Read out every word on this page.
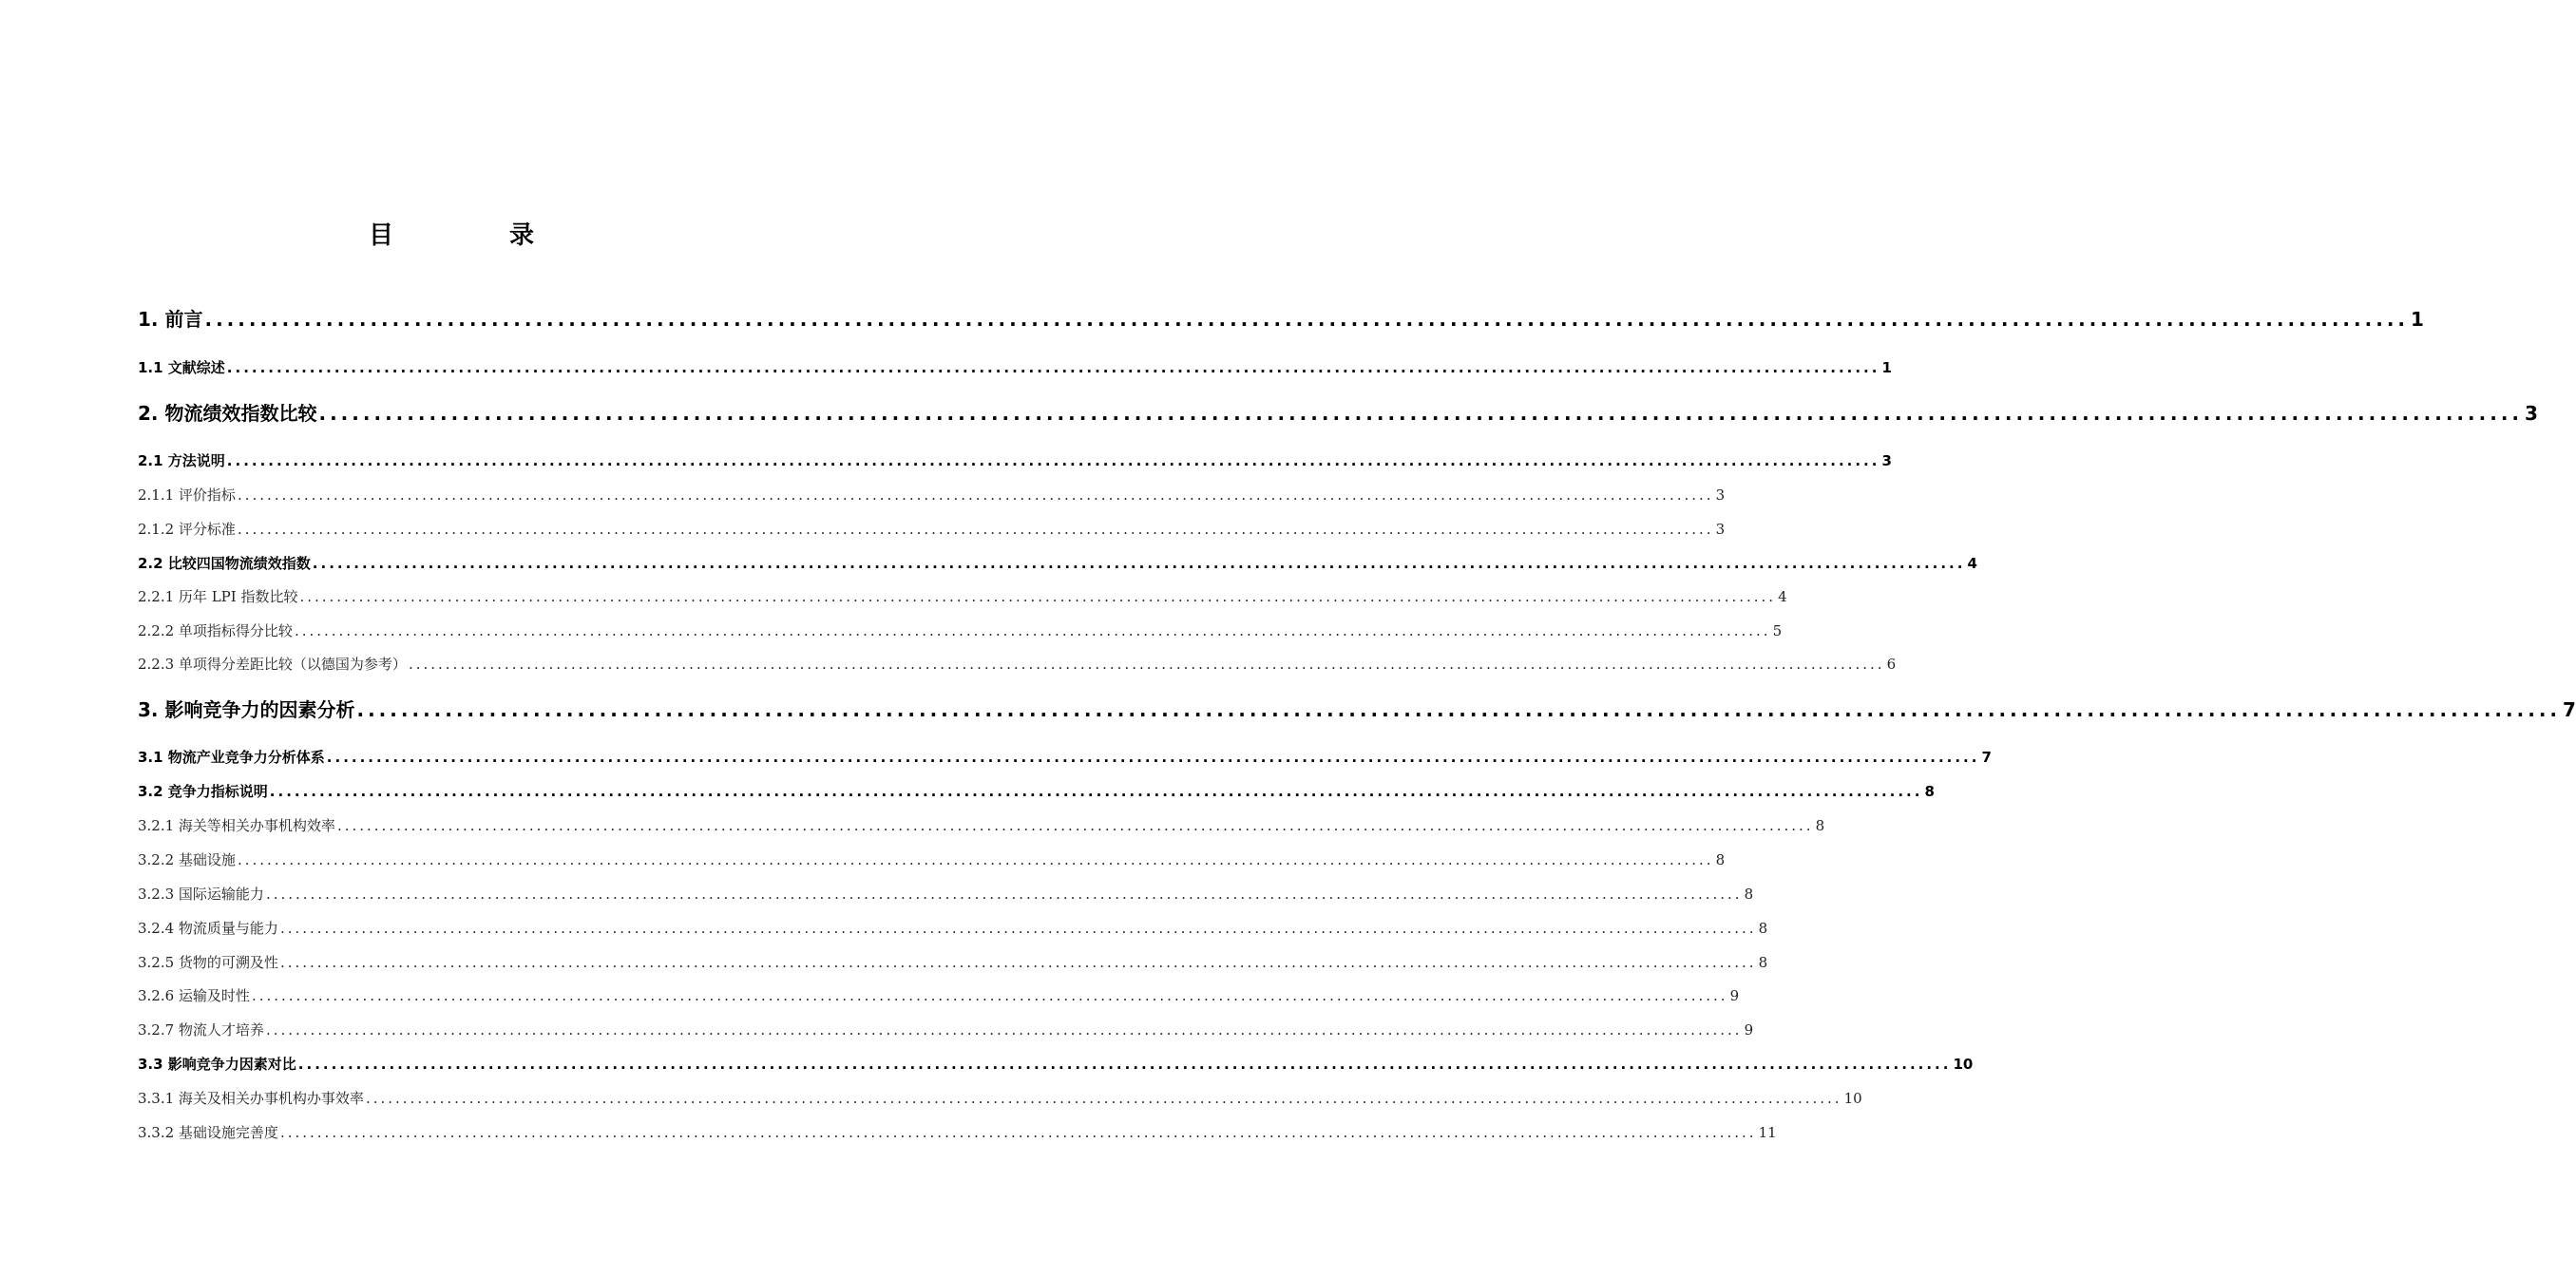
目　录
1. 前言 ........................................................................................................................................................................................................ 1
1.1 文献综述 ........................................................................................................................................................................................................ 1
2. 物流绩效指数比较 ........................................................................................................................................................................................................ 3
2.1 方法说明 ........................................................................................................................................................................................................ 3
2.1.1 评价指标 ........................................................................................................................................................................................................ 3
2.1.2 评分标准 ........................................................................................................................................................................................................ 3
2.2 比较四国物流绩效指数 ........................................................................................................................................................................................................ 4
2.2.1 历年 LPI 指数比较 ........................................................................................................................................................................................................ 4
2.2.2 单项指标得分比较 ........................................................................................................................................................................................................ 5
2.2.3 单项得分差距比较（以德国为参考） ........................................................................................................................................................................................................ 6
3. 影响竞争力的因素分析 ........................................................................................................................................................................................................ 7
3.1 物流产业竞争力分析体系 ........................................................................................................................................................................................................ 7
3.2 竞争力指标说明 ........................................................................................................................................................................................................ 8
3.2.1 海关等相关办事机构效率 ........................................................................................................................................................................................................ 8
3.2.2 基础设施 ........................................................................................................................................................................................................ 8
3.2.3 国际运输能力 ........................................................................................................................................................................................................ 8
3.2.4 物流质量与能力 ........................................................................................................................................................................................................ 8
3.2.5 货物的可溯及性 ........................................................................................................................................................................................................ 8
3.2.6 运输及时性 ........................................................................................................................................................................................................ 9
3.2.7 物流人才培养 ........................................................................................................................................................................................................ 9
3.3 影响竞争力因素对比 ........................................................................................................................................................................................................ 10
3.3.1 海关及相关办事机构办事效率 ........................................................................................................................................................................................................ 10
3.3.2 基础设施完善度 ........................................................................................................................................................................................................ 11
